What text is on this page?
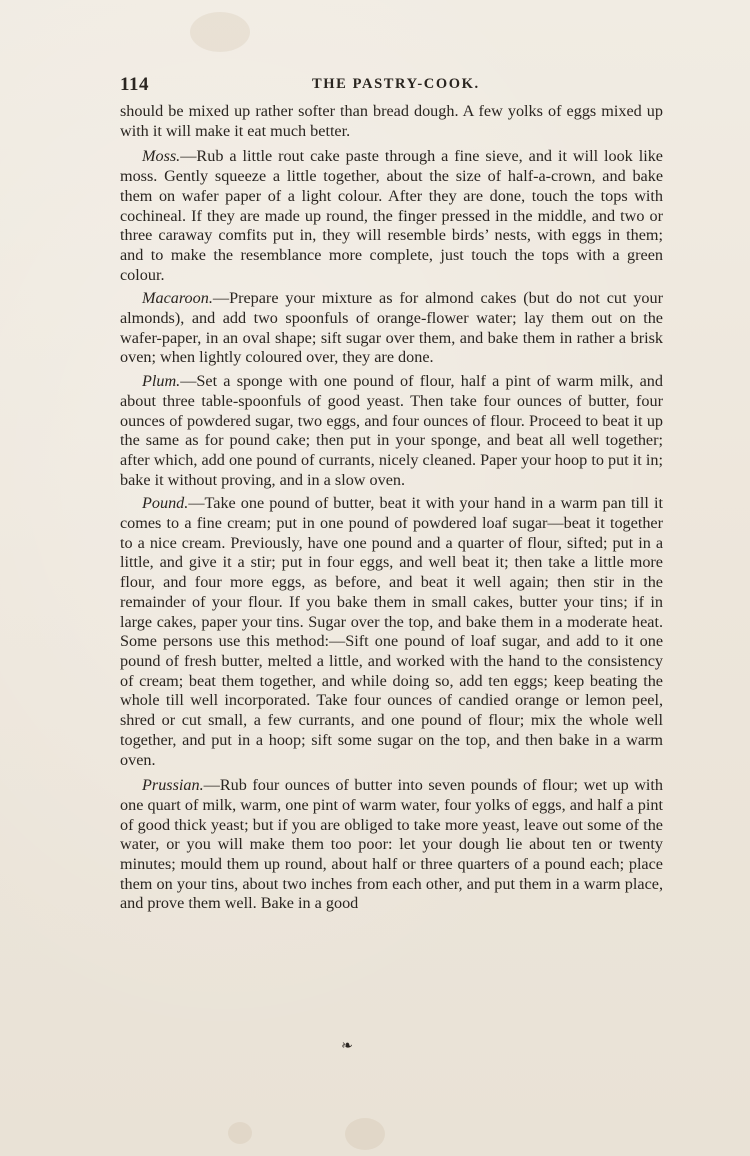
114	THE PASTRY-COOK.

should be mixed up rather softer than bread dough. A few yolks of eggs mixed up with it will make it eat much better.

Moss.—Rub a little rout cake paste through a fine sieve, and it will look like moss. Gently squeeze a little together, about the size of half-a-crown, and bake them on wafer paper of a light colour. After they are done, touch the tops with cochineal. If they are made up round, the finger pressed in the middle, and two or three caraway comfits put in, they will resemble birds’ nests, with eggs in them; and to make the resemblance more complete, just touch the tops with a green colour.

Macaroon.—Prepare your mixture as for almond cakes (but do not cut your almonds), and add two spoonfuls of orange-flower water; lay them out on the wafer-paper, in an oval shape; sift sugar over them, and bake them in rather a brisk oven; when lightly coloured over, they are done.

Plum.—Set a sponge with one pound of flour, half a pint of warm milk, and about three table-spoonfuls of good yeast. Then take four ounces of butter, four ounces of powdered sugar, two eggs, and four ounces of flour. Proceed to beat it up the same as for pound cake; then put in your sponge, and beat all well together; after which, add one pound of currants, nicely cleaned. Paper your hoop to put it in; bake it without proving, and in a slow oven.

Pound.—Take one pound of butter, beat it with your hand in a warm pan till it comes to a fine cream; put in one pound of powdered loaf sugar—beat it together to a nice cream. Previously, have one pound and a quarter of flour, sifted; put in a little, and give it a stir; put in four eggs, and well beat it; then take a little more flour, and four more eggs, as before, and beat it well again; then stir in the remainder of your flour. If you bake them in small cakes, butter your tins; if in large cakes, paper your tins. Sugar over the top, and bake them in a moderate heat. Some persons use this method:—Sift one pound of loaf sugar, and add to it one pound of fresh butter, melted a little, and worked with the hand to the consistency of cream; beat them together, and while doing so, add ten eggs; keep beating the whole till well incorporated. Take four ounces of candied orange or lemon peel, shred or cut small, a few currants, and one pound of flour; mix the whole well together, and put in a hoop; sift some sugar on the top, and then bake in a warm oven.

Prussian.—Rub four ounces of butter into seven pounds of flour; wet up with one quart of milk, warm, one pint of warm water, four yolks of eggs, and half a pint of good thick yeast; but if you are obliged to take more yeast, leave out some of the water, or you will make them too poor: let your dough lie about ten or twenty minutes; mould them up round, about half or three quarters of a pound each; place them on your tins, about two inches from each other, and put them in a warm place, and prove them well. Bake in a good

❧
